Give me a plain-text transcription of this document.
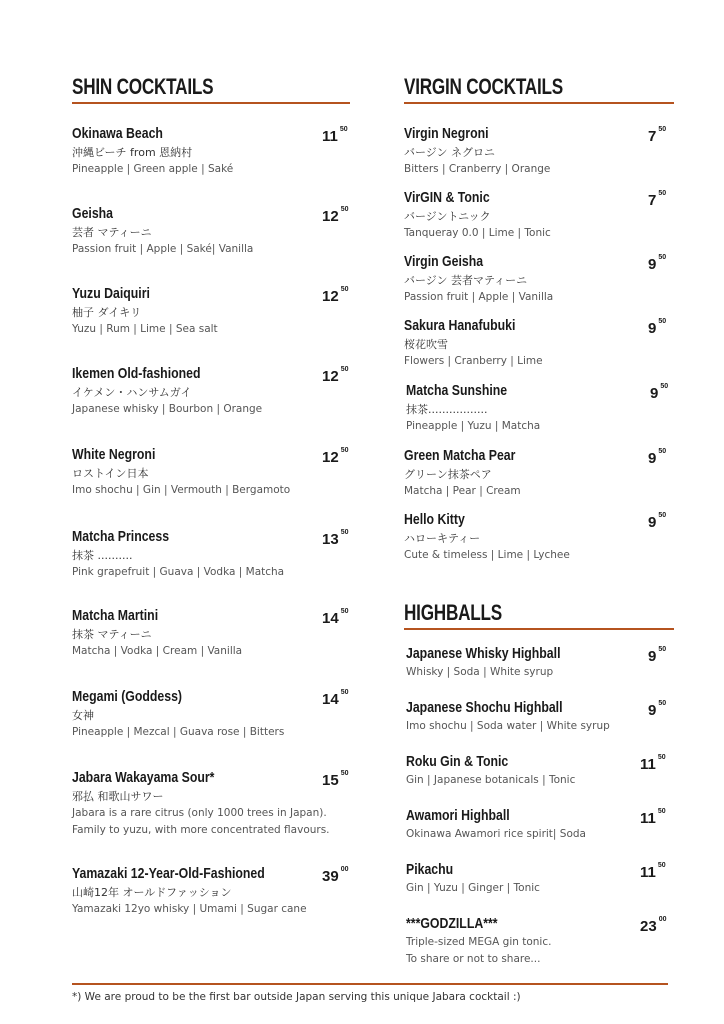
SHIN COCKTAILS
Okinawa Beach
沖縄ビーチ from 恩納村
Pineapple | Green apple | Saké
11 $^{50}$
Geisha
芸者 マティーニ
Passion fruit | Apple | Saké| Vanilla
12 $^{50}$
Yuzu Daiquiri
柚子 ダイキリ
Yuzu | Rum | Lime | Sea salt
12 $^{50}$
Ikemen Old-fashioned
イケメン・ハンサムガイ
Japanese whisky | Bourbon | Orange
12 $^{50}$
White Negroni
ロストイン日本
Imo shochu | Gin | Vermouth | Bergamoto
12 $^{50}$
Matcha Princess
抹茶 ..........
Pink grapefruit | Guava | Vodka | Matcha
13 $^{50}$
Matcha Martini
抹茶 マティーニ
Matcha | Vodka | Cream | Vanilla
14 $^{50}$
Megami (Goddess)
女神
Pineapple | Mezcal | Guava rose | Bitters
14 $^{50}$
Jabara Wakayama Sour*
邪払 和歌山サワー
Jabara is a rare citrus (only 1000 trees in Japan).
Family to yuzu, with more concentrated flavours.
15 $^{50}$
Yamazaki 12-Year-Old-Fashioned
山崎12年 オールドファッション
Yamazaki 12yo whisky | Umami | Sugar cane
39 $^{00}$
VIRGIN COCKTAILS
Virgin Negroni
バージン ネグロニ
Bitters | Cranberry | Orange
7 $^{50}$
VirGIN & Tonic
バージントニック
Tanqueray 0.0 | Lime | Tonic
7 $^{50}$
Virgin Geisha
バージン 芸者マティーニ
Passion fruit | Apple | Vanilla
9 $^{50}$
Sakura Hanafubuki
桜花吹雪
Flowers | Cranberry | Lime
9 $^{50}$
Matcha Sunshine
抹茶.................
Pineapple | Yuzu | Matcha
9 $^{50}$
Green Matcha Pear
グリーン抹茶ペア
Matcha | Pear | Cream
9 $^{50}$
Hello Kitty
ハローキティー
Cute & timeless | Lime | Lychee
9 $^{50}$
HIGHBALLS
Japanese Whisky Highball
Whisky | Soda | White syrup
9 $^{50}$
Japanese Shochu Highball
Imo shochu | Soda water | White syrup
9 $^{50}$
Roku Gin & Tonic
Gin | Japanese botanicals | Tonic
11 $^{50}$
Awamori Highball
Okinawa Awamori rice spirit| Soda
11 $^{50}$
Pikachu
Gin | Yuzu | Ginger | Tonic
11 $^{50}$
***GODZILLA***
Triple-sized MEGA gin tonic.
To share or not to share...
23 $^{00}$
*) We are proud to be the first bar outside Japan serving this unique Jabara cocktail :)
